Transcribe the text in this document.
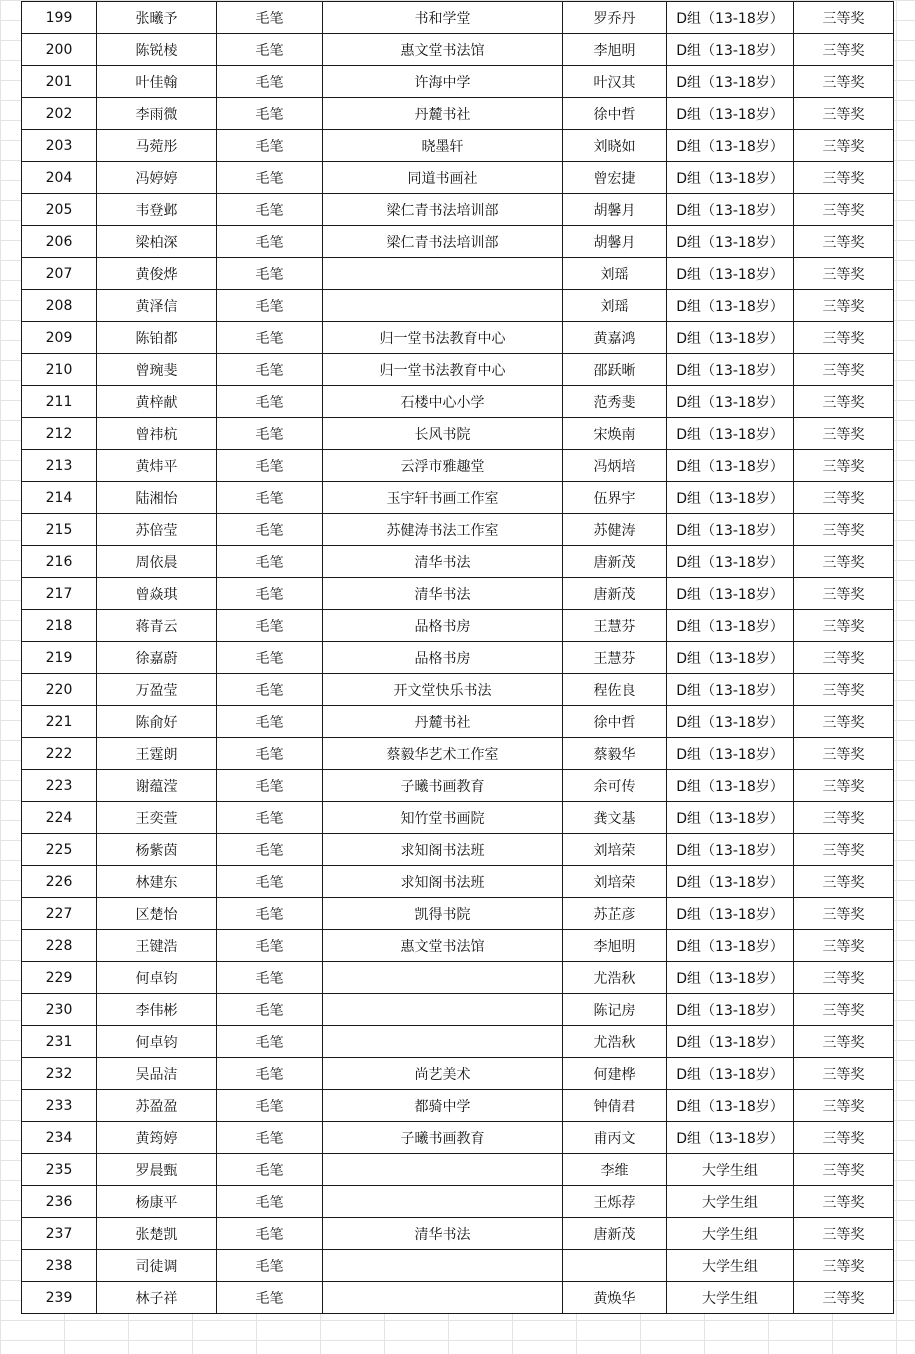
199	张曦予	毛笔	书和学堂	罗乔丹	D组（13-18岁）	三等奖
200	陈锐棱	毛笔	惠文堂书法馆	李旭明	D组（13-18岁）	三等奖
201	叶佳翰	毛笔	许海中学	叶汉其	D组（13-18岁）	三等奖
202	李雨微	毛笔	丹麓书社	徐中哲	D组（13-18岁）	三等奖
203	马菀彤	毛笔	晓墨轩	刘晓如	D组（13-18岁）	三等奖
204	冯婷婷	毛笔	同道书画社	曾宏捷	D组（13-18岁）	三等奖
205	韦登邺	毛笔	梁仁青书法培训部	胡馨月	D组（13-18岁）	三等奖
206	梁柏深	毛笔	梁仁青书法培训部	胡馨月	D组（13-18岁）	三等奖
207	黄俊烨	毛笔		刘瑶	D组（13-18岁）	三等奖
208	黄泽信	毛笔		刘瑶	D组（13-18岁）	三等奖
209	陈铂都	毛笔	归一堂书法教育中心	黄嘉鸿	D组（13-18岁）	三等奖
210	曾琬斐	毛笔	归一堂书法教育中心	邵跃晰	D组（13-18岁）	三等奖
211	黄梓献	毛笔	石楼中心小学	范秀斐	D组（13-18岁）	三等奖
212	曾祎杭	毛笔	长风书院	宋焕南	D组（13-18岁）	三等奖
213	黄炜平	毛笔	云浮市雅趣堂	冯炳培	D组（13-18岁）	三等奖
214	陆湘怡	毛笔	玉宇轩书画工作室	伍界宇	D组（13-18岁）	三等奖
215	苏倍莹	毛笔	苏健涛书法工作室	苏健涛	D组（13-18岁）	三等奖
216	周依晨	毛笔	清华书法	唐新茂	D组（13-18岁）	三等奖
217	曾焱琪	毛笔	清华书法	唐新茂	D组（13-18岁）	三等奖
218	蒋青云	毛笔	品格书房	王慧芬	D组（13-18岁）	三等奖
219	徐嘉蔚	毛笔	品格书房	王慧芬	D组（13-18岁）	三等奖
220	万盈莹	毛笔	开文堂快乐书法	程佐良	D组（13-18岁）	三等奖
221	陈俞好	毛笔	丹麓书社	徐中哲	D组（13-18岁）	三等奖
222	王霆朗	毛笔	蔡毅华艺术工作室	蔡毅华	D组（13-18岁）	三等奖
223	谢蕴滢	毛笔	子曦书画教育	余可传	D组（13-18岁）	三等奖
224	王奕萱	毛笔	知竹堂书画院	龚文基	D组（13-18岁）	三等奖
225	杨紫茵	毛笔	求知阁书法班	刘培荣	D组（13-18岁）	三等奖
226	林建东	毛笔	求知阁书法班	刘培荣	D组（13-18岁）	三等奖
227	区楚怡	毛笔	凯得书院	苏芷彦	D组（13-18岁）	三等奖
228	王键浩	毛笔	惠文堂书法馆	李旭明	D组（13-18岁）	三等奖
229	何卓钧	毛笔		尤浩秋	D组（13-18岁）	三等奖
230	李伟彬	毛笔		陈记房	D组（13-18岁）	三等奖
231	何卓钧	毛笔		尤浩秋	D组（13-18岁）	三等奖
232	吴品洁	毛笔	尚艺美术	何建桦	D组（13-18岁）	三等奖
233	苏盈盈	毛笔	都骑中学	钟倩君	D组（13-18岁）	三等奖
234	黄筠婷	毛笔	子曦书画教育	甫丙文	D组（13-18岁）	三等奖
235	罗晨甄	毛笔		李维	大学生组	三等奖
236	杨康平	毛笔		王烁荐	大学生组	三等奖
237	张楚凯	毛笔	清华书法	唐新茂	大学生组	三等奖
238	司徒调	毛笔			大学生组	三等奖
239	林子祥	毛笔		黄焕华	大学生组	三等奖
